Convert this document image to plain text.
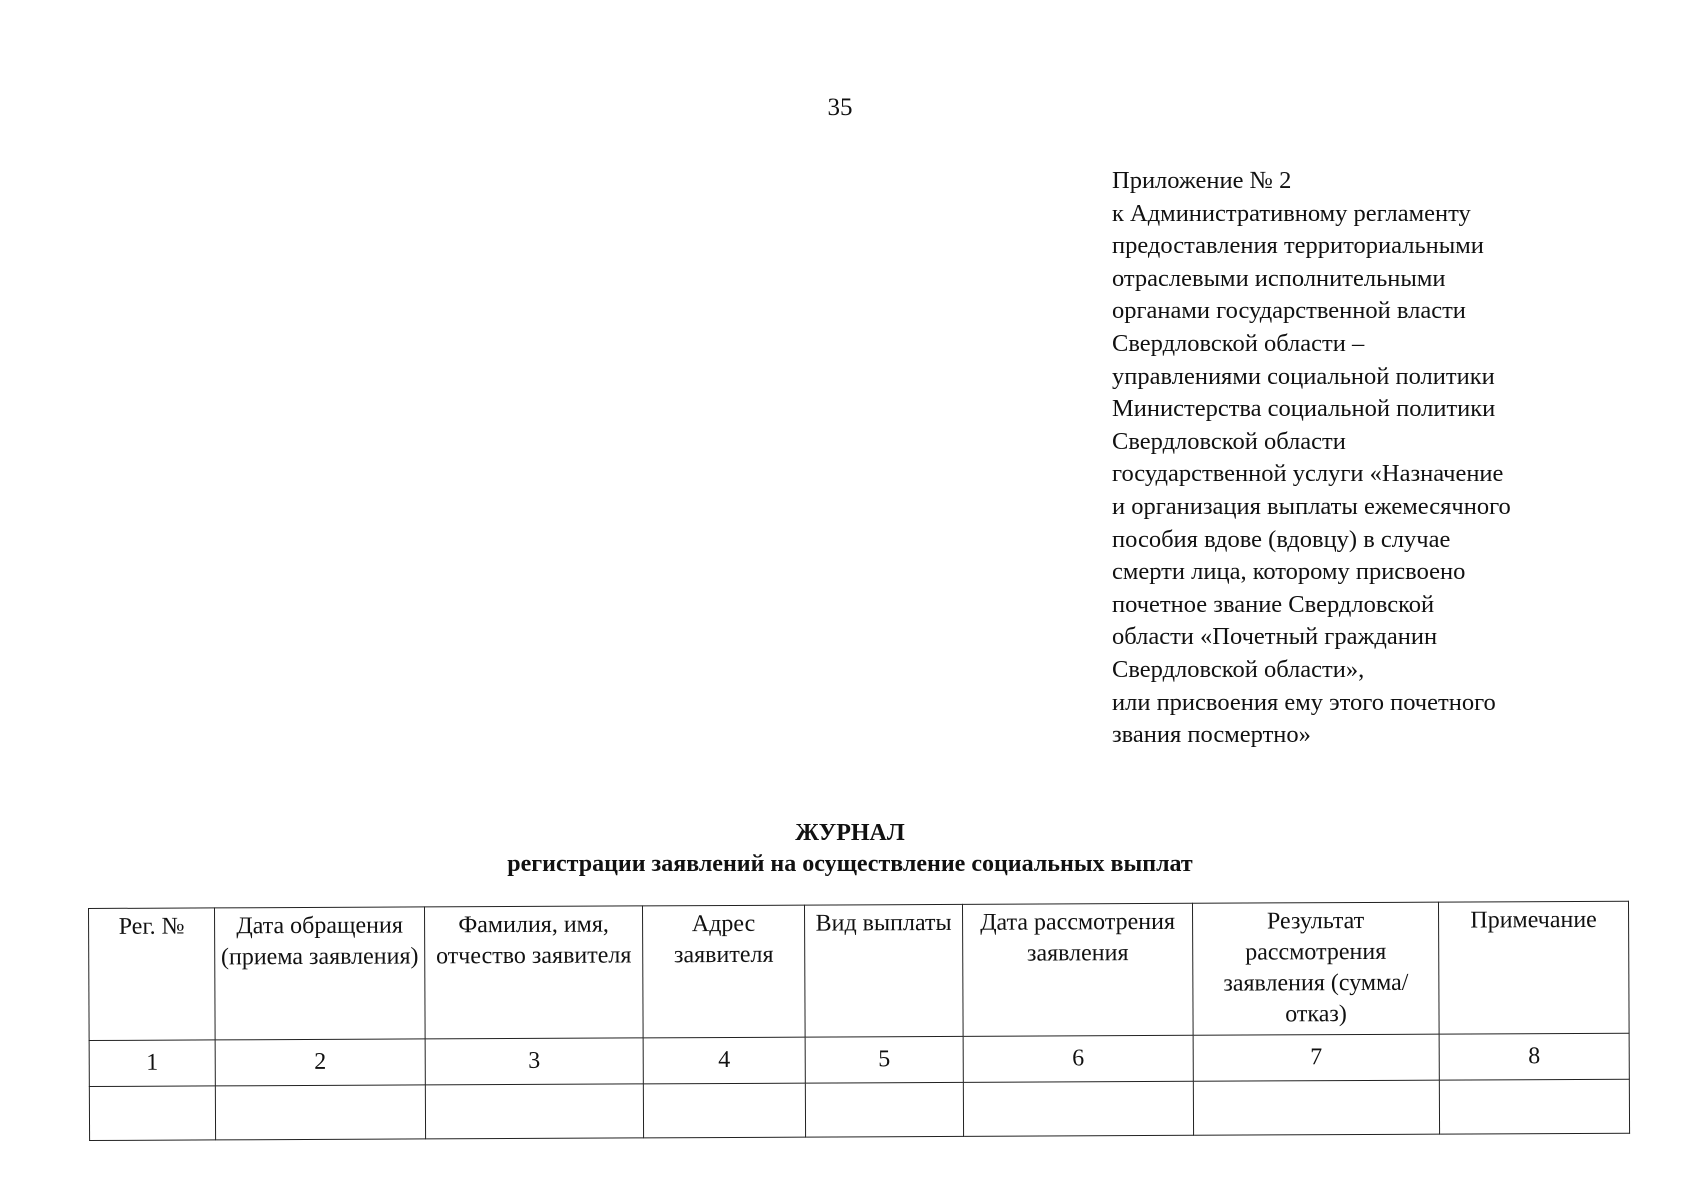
35
Приложение № 2
к Административному регламенту
предоставления территориальными
отраслевыми исполнительными
органами государственной власти
Свердловской области –
управлениями социальной политики
Министерства социальной политики
Свердловской области
государственной услуги «Назначение
и организация выплаты ежемесячного
пособия вдове (вдовцу) в случае
смерти лица, которому присвоено
почетное звание Свердловской
области «Почетный гражданин
Свердловской области»,
или присвоения ему этого почетного
звания посмертно»
ЖУРНАЛ
регистрации заявлений на осуществление социальных выплат
Рег. №	Дата обращения (приема заявления)	Фамилия, имя, отчество заявителя	Адрес заявителя	Вид выплаты	Дата рассмотрения заявления	Результат рассмотрения заявления (сумма/отказ)	Примечание
1	2	3	4	5	6	7	8
